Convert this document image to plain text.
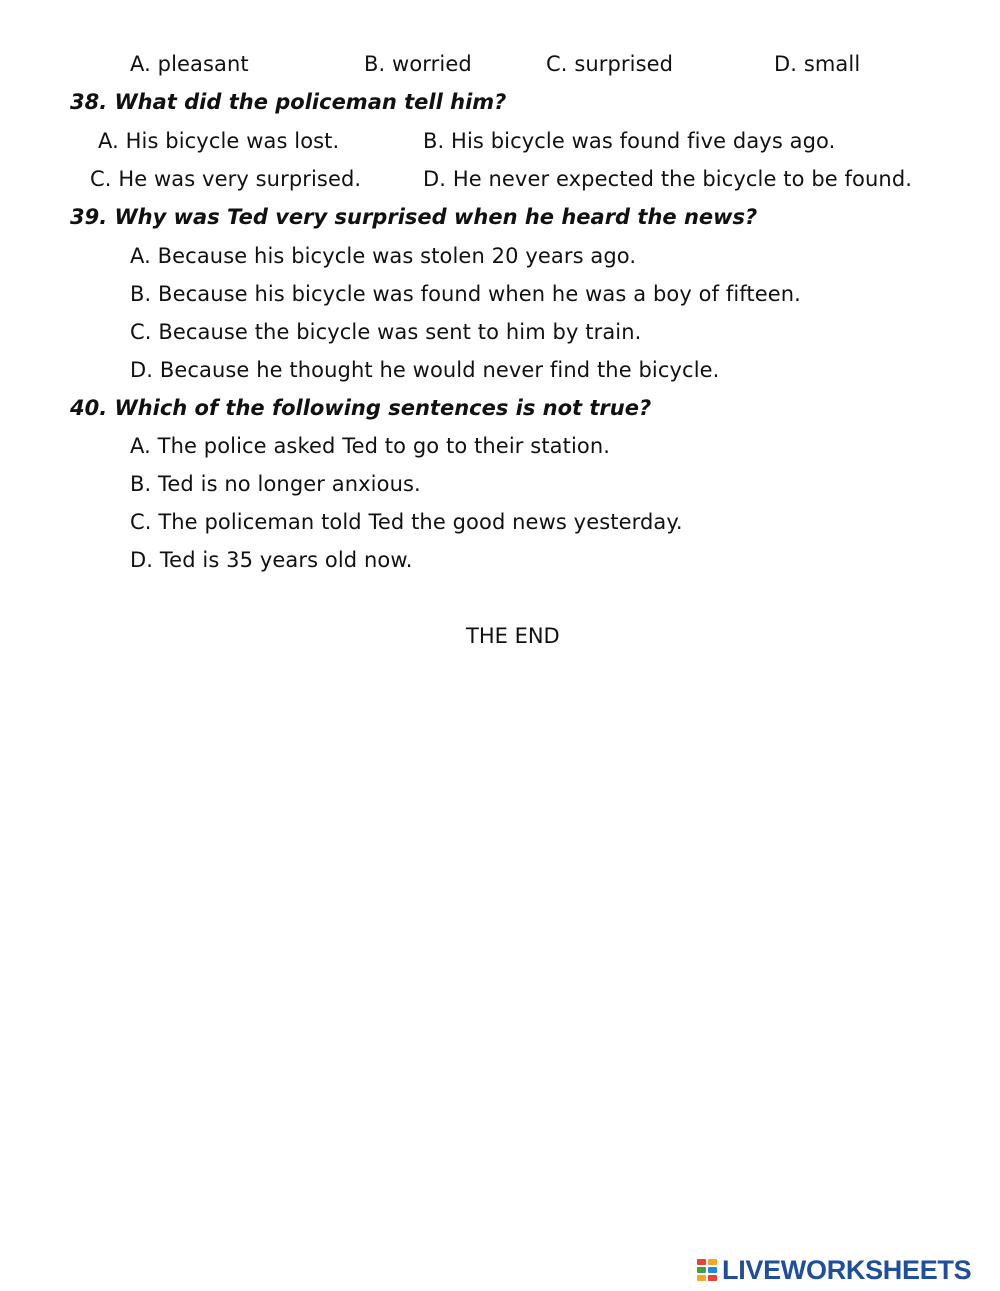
A. pleasant	B. worried	C. surprised	D. small
38. What did the policeman tell him?
A. His bicycle was lost.	B. His bicycle was found five days ago.
C. He was very surprised.	D. He never expected the bicycle to be found.
39. Why was Ted very surprised when he heard the news?
A. Because his bicycle was stolen 20 years ago.
B. Because his bicycle was found when he was a boy of fifteen.
C. Because the bicycle was sent to him by train.
D. Because he thought he would never find the bicycle.
40. Which of the following sentences is not true?
A. The police asked Ted to go to their station.
B. Ted is no longer anxious.
C. The policeman told Ted the good news yesterday.
D. Ted is 35 years old now.
THE END
LIVEWORKSHEETS
